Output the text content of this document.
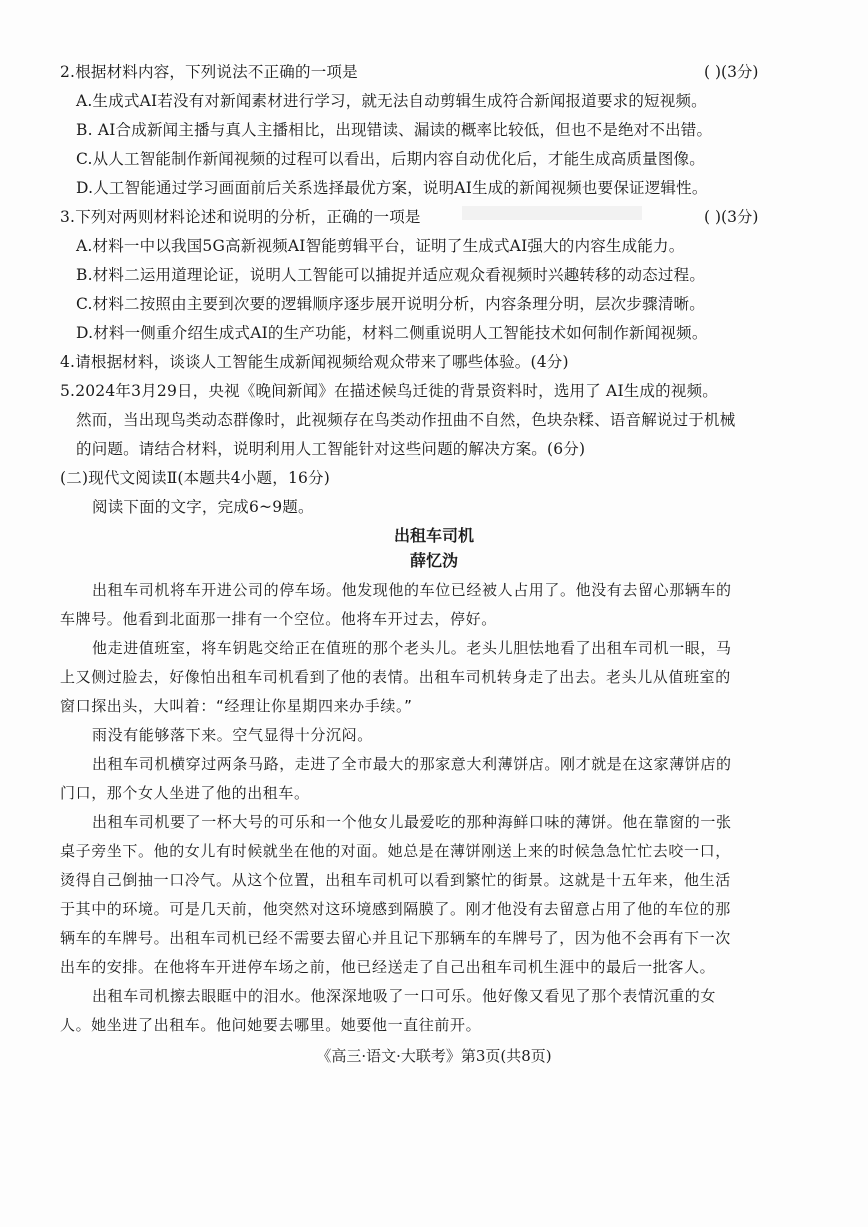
2.根据材料内容，下列说法不正确的一项是	( )(3分)
A.生成式AI若没有对新闻素材进行学习，就无法自动剪辑生成符合新闻报道要求的短视频。
B. AI合成新闻主播与真人主播相比，出现错读、漏读的概率比较低，但也不是绝对不出错。
C.从人工智能制作新闻视频的过程可以看出，后期内容自动优化后，才能生成高质量图像。
D.人工智能通过学习画面前后关系选择最优方案，说明AI生成的新闻视频也要保证逻辑性。
3.下列对两则材料论述和说明的分析，正确的一项是	( )(3分)
A.材料一中以我国5G高新视频AI智能剪辑平台，证明了生成式AI强大的内容生成能力。
B.材料二运用道理论证，说明人工智能可以捕捉并适应观众看视频时兴趣转移的动态过程。
C.材料二按照由主要到次要的逻辑顺序逐步展开说明分析，内容条理分明，层次步骤清晰。
D.材料一侧重介绍生成式AI的生产功能，材料二侧重说明人工智能技术如何制作新闻视频。
4.请根据材料，谈谈人工智能生成新闻视频给观众带来了哪些体验。(4分)
5.2024年3月29日，央视《晚间新闻》在描述候鸟迁徙的背景资料时，选用了 AI生成的视频。
然而，当出现鸟类动态群像时，此视频存在鸟类动作扭曲不自然，色块杂糅、语音解说过于机械
的问题。请结合材料，说明利用人工智能针对这些问题的解决方案。(6分)
(二)现代文阅读Ⅱ(本题共4小题，16分)
阅读下面的文字，完成6~9题。
出租车司机
薛忆沩
出租车司机将车开进公司的停车场。他发现他的车位已经被人占用了。他没有去留心那辆车的
车牌号。他看到北面那一排有一个空位。他将车开过去，停好。
他走进值班室，将车钥匙交给正在值班的那个老头儿。老头儿胆怯地看了出租车司机一眼，马
上又侧过脸去，好像怕出租车司机看到了他的表情。出租车司机转身走了出去。老头儿从值班室的
窗口探出头，大叫着：“经理让你星期四来办手续。”
雨没有能够落下来。空气显得十分沉闷。
出租车司机横穿过两条马路，走进了全市最大的那家意大利薄饼店。刚才就是在这家薄饼店的
门口，那个女人坐进了他的出租车。
出租车司机要了一杯大号的可乐和一个他女儿最爱吃的那种海鲜口味的薄饼。他在靠窗的一张
桌子旁坐下。他的女儿有时候就坐在他的对面。她总是在薄饼刚送上来的时候急急忙忙去咬一口，
烫得自己倒抽一口冷气。从这个位置，出租车司机可以看到繁忙的街景。这就是十五年来，他生活
于其中的环境。可是几天前，他突然对这环境感到隔膜了。刚才他没有去留意占用了他的车位的那
辆车的车牌号。出租车司机已经不需要去留心并且记下那辆车的车牌号了，因为他不会再有下一次
出车的安排。在他将车开进停车场之前，他已经送走了自己出租车司机生涯中的最后一批客人。
出租车司机擦去眼眶中的泪水。他深深地吸了一口可乐。他好像又看见了那个表情沉重的女
人。她坐进了出租车。他问她要去哪里。她要他一直往前开。
《高三·语文·大联考》第3页(共8页)
